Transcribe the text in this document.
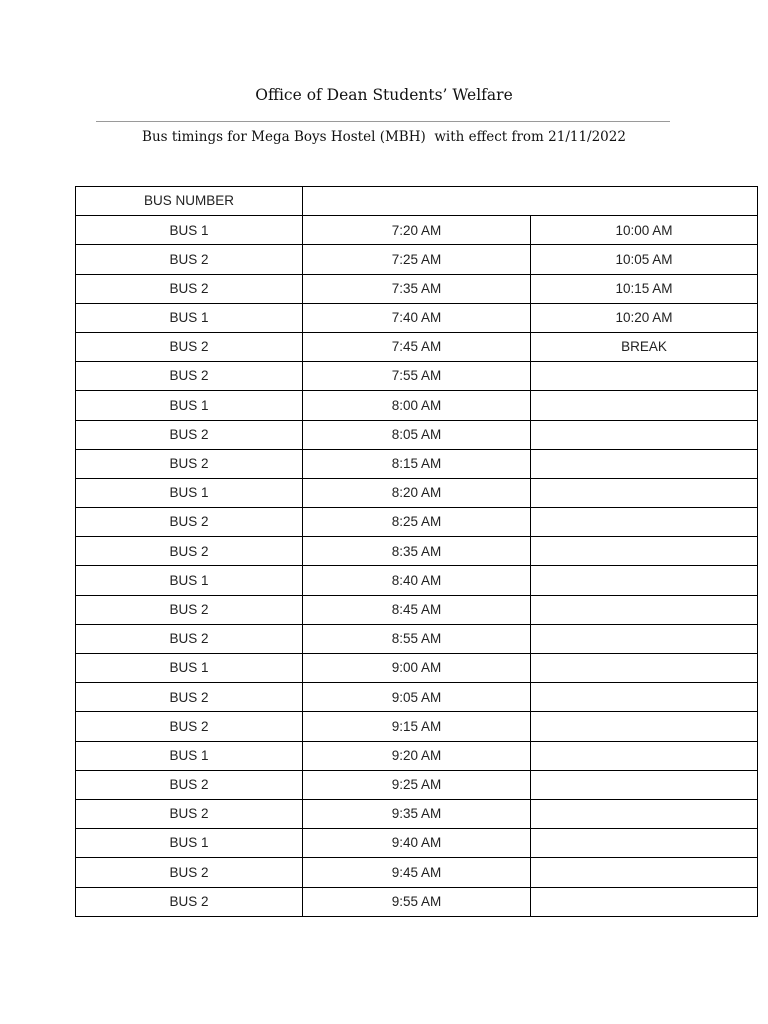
Office of Dean Students’ Welfare
Bus timings for Mega Boys Hostel (MBH)  with effect from 21/11/2022
BUS NUMBER		
BUS 1	7:20 AM	10:00 AM
BUS 2	7:25 AM	10:05 AM
BUS 2	7:35 AM	10:15 AM
BUS 1	7:40 AM	10:20 AM
BUS 2	7:45 AM	BREAK
BUS 2	7:55 AM	
BUS 1	8:00 AM	
BUS 2	8:05 AM	
BUS 2	8:15 AM	
BUS 1	8:20 AM	
BUS 2	8:25 AM	
BUS 2	8:35 AM	
BUS 1	8:40 AM	
BUS 2	8:45 AM	
BUS 2	8:55 AM	
BUS 1	9:00 AM	
BUS 2	9:05 AM	
BUS 2	9:15 AM	
BUS 1	9:20 AM	
BUS 2	9:25 AM	
BUS 2	9:35 AM	
BUS 1	9:40 AM	
BUS 2	9:45 AM	
BUS 2	9:55 AM	
